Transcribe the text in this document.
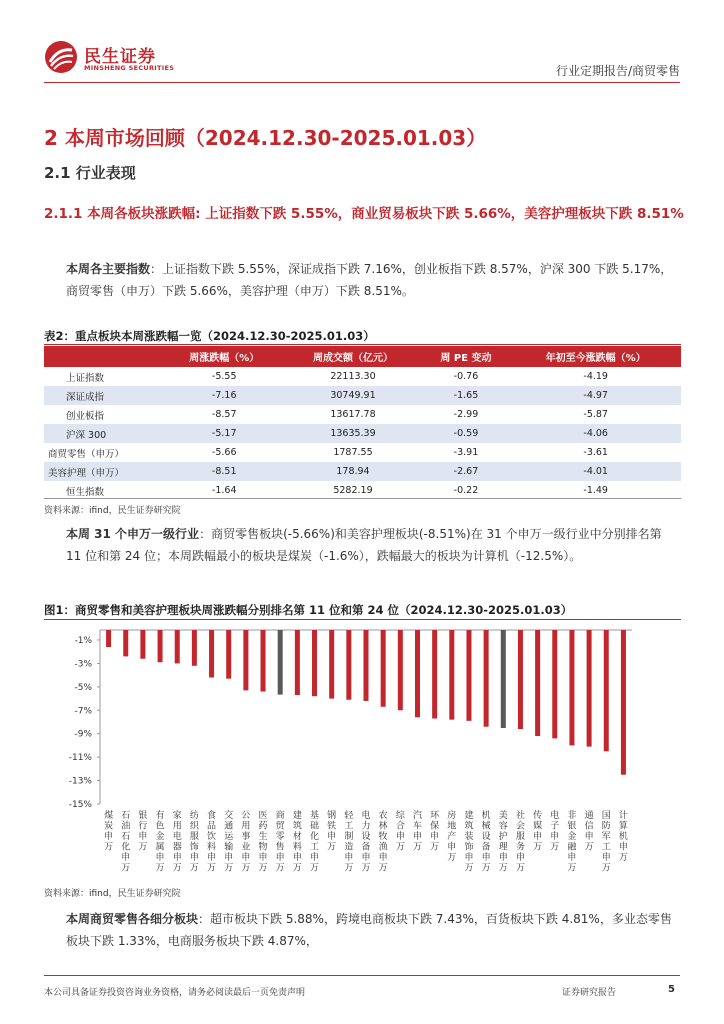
民生证券
MINSHENG SECURITIES	行业定期报告/商贸零售
2 本周市场回顾（2024.12.30-2025.01.03）
2.1 行业表现
2.1.1 本周各板块涨跌幅: 上证指数下跌 5.55%，商业贸易板块下跌 5.66%，美容护理板块下跌 8.51%
本周各主要指数：上证指数下跌 5.55%，深证成指下跌 7.16%，创业板指下跌 8.57%，沪深 300 下跌 5.17%，商贸零售（申万）下跌 5.66%，美容护理（申万）下跌 8.51%。
表2：重点板块本周涨跌幅一览（2024.12.30-2025.01.03）
	周涨跌幅（%）	周成交额（亿元）	周 PE 变动	年初至今涨跌幅（%）
上证指数	-5.55	22113.30	-0.76	-4.19
深证成指	-7.16	30749.91	-1.65	-4.97
创业板指	-8.57	13617.78	-2.99	-5.87
沪深 300	-5.17	13635.39	-0.59	-4.06
商贸零售（申万）	-5.66	1787.55	-3.91	-3.61
美容护理（申万）	-8.51	178.94	-2.67	-4.01
恒生指数	-1.64	5282.19	-0.22	-1.49
资料来源：ifind，民生证券研究院
本周 31 个申万一级行业：商贸零售板块(-5.66%)和美容护理板块(-8.51%)在 31 个申万一级行业中分别排名第 11 位和第 24 位；本周跌幅最小的板块是煤炭（-1.6%），跌幅最大的板块为计算机（-12.5%）。
图1：商贸零售和美容护理板块周涨跌幅分别排名第 11 位和第 24 位（2024.12.30-2025.01.03）
-1%
-3%
-5%
-7%
-9%
-11%
-13%
-15%
煤炭申万
石油石化申万
银行申万
有色金属申万
家用电器申万
纺织服饰申万
食品饮料申万
交通运输申万
公用事业申万
医药生物申万
商贸零售申万
建筑材料申万
基础化工申万
钢铁申万
轻工制造申万
电力设备申万
农林牧渔申万
综合申万
汽车申万
环保申万
房地产申万
建筑装饰申万
机械设备申万
美容护理申万
社会服务申万
传媒申万
电子申万
非银金融申万
通信申万
国防军工申万
计算机申万
资料来源：ifind，民生证券研究院
本周商贸零售各细分板块：超市板块下跌 5.88%，跨境电商板块下跌 7.43%，百货板块下跌 4.81%，多业态零售板块下跌 1.33%，电商服务板块下跌 4.87%，
本公司具备证券投资咨询业务资格，请务必阅读最后一页免责声明	证券研究报告	5
